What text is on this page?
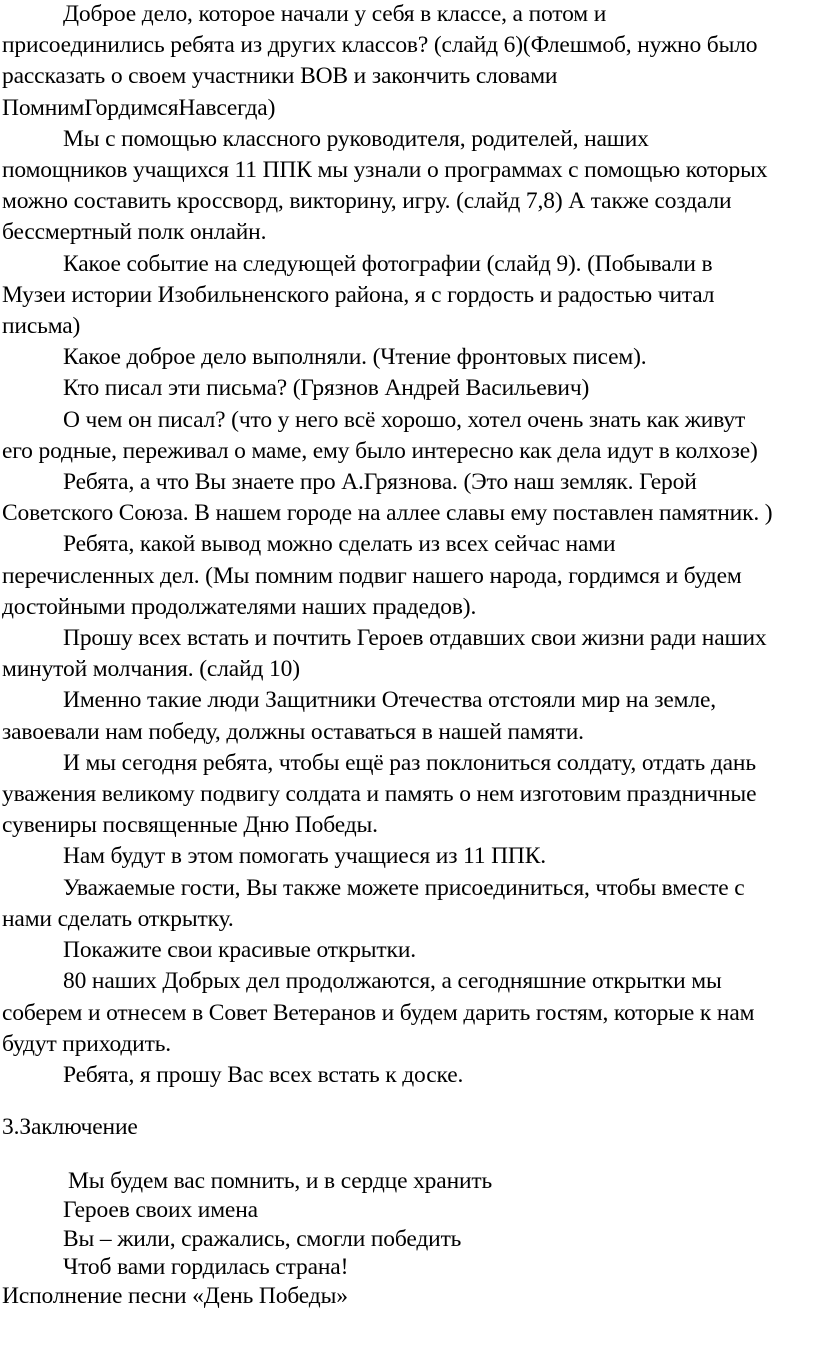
Доброе дело, которое начали у себя в классе, а потом и
присоединились ребята из других классов? (слайд 6)(Флешмоб, нужно было
рассказать о своем участники ВОВ и закончить словами
ПомнимГордимсяНавсегда)

Мы с помощью классного руководителя, родителей, наших
помощников учащихся 11 ППК мы узнали о программах с помощью которых
можно составить кроссворд, викторину, игру. (слайд 7,8) А также создали
бессмертный полк онлайн.

Какое событие на следующей фотографии (слайд 9). (Побывали в
Музеи истории Изобильненского района, я с гордость и радостью читал
письма)

Какое доброе дело выполняли. (Чтение фронтовых писем).

Кто писал эти письма? (Грязнов Андрей Васильевич)

О чем он писал? (что у него всё хорошо, хотел очень знать как живут
его родные, переживал о маме, ему было интересно как дела идут в колхозе)

Ребята, а что Вы знаете про А.Грязнова. (Это наш земляк. Герой
Советского Союза. В нашем городе на аллее славы ему поставлен памятник. )

Ребята, какой вывод можно сделать из всех сейчас нами
перечисленных дел. (Мы помним подвиг нашего народа, гордимся и будем
достойными продолжателями наших прадедов).

Прошу всех встать и почтить Героев отдавших свои жизни ради наших
минутой молчания. (слайд 10)

Именно такие люди Защитники Отечества отстояли мир на земле,
завоевали нам победу, должны оставаться в нашей памяти.

И мы сегодня ребята, чтобы ещё раз поклониться солдату, отдать дань
уважения великому подвигу солдата и память о нем изготовим праздничные
сувениры посвященные Дню Победы.

Нам будут в этом помогать учащиеся из 11 ППК.

Уважаемые гости, Вы также можете присоединиться, чтобы вместе с
нами сделать открытку.

Покажите свои красивые открытки.

80 наших Добрых дел продолжаются, а сегодняшние открытки мы
соберем и отнесем в Совет Ветеранов и будем дарить гостям, которые к нам
будут приходить.

Ребята, я прошу Вас всех встать к доске.

3.Заключение

Мы будем вас помнить, и в сердце хранить

Героев своих имена

Вы – жили, сражались, смогли победить

Чтоб вами гордилась страна!

Исполнение песни «День Победы»
